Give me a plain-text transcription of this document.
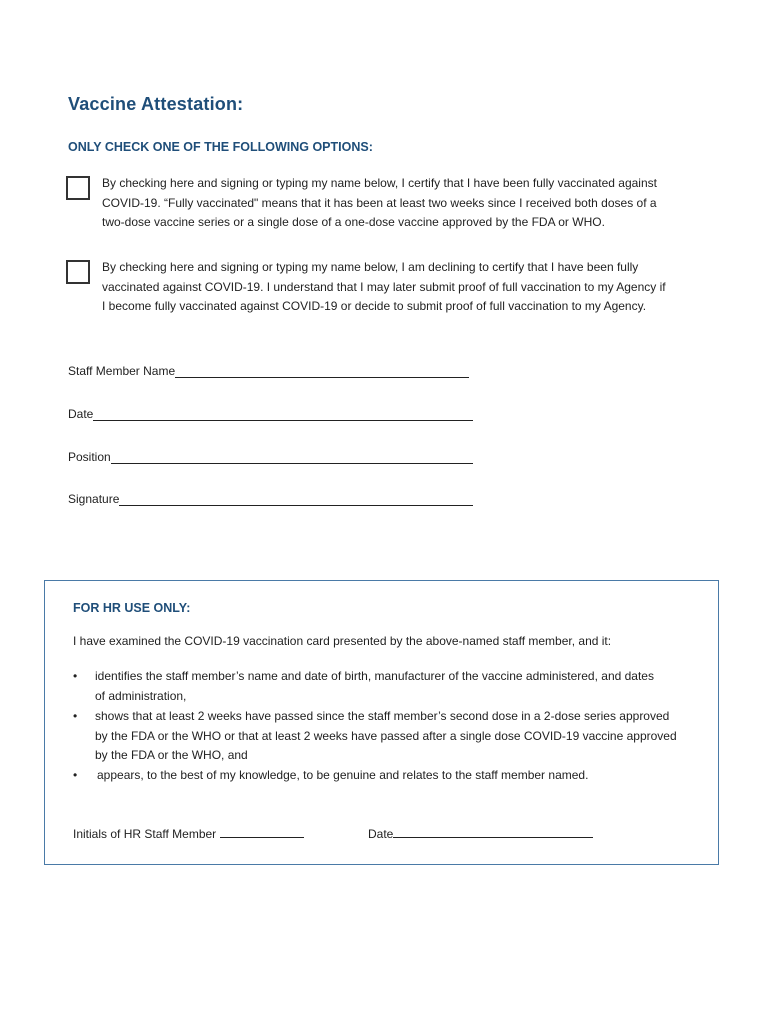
Vaccine Attestation:
ONLY CHECK ONE OF THE FOLLOWING OPTIONS:
By checking here and signing or typing my name below, I certify that I have been fully vaccinated against
COVID-19. “Fully vaccinated" means that it has been at least two weeks since I received both doses of a
two-dose vaccine series or a single dose of a one-dose vaccine approved by the FDA or WHO.
By checking here and signing or typing my name below, I am declining to certify that I have been fully
vaccinated against COVID-19. I understand that I may later submit proof of full vaccination to my Agency if
I become fully vaccinated against COVID-19 or decide to submit proof of full vaccination to my Agency.
Staff Member Name
Date
Position
Signature
FOR HR USE ONLY:
I have examined the COVID-19 vaccination card presented by the above-named staff member, and it:
• identifies the staff member’s name and date of birth, manufacturer of the vaccine administered, and dates
of administration,
• shows that at least 2 weeks have passed since the staff member’s second dose in a 2-dose series approved
by the FDA or the WHO or that at least 2 weeks have passed after a single dose COVID-19 vaccine approved
by the FDA or the WHO, and
• appears, to the best of my knowledge, to be genuine and relates to the staff member named.
Initials of HR Staff Member	Date
